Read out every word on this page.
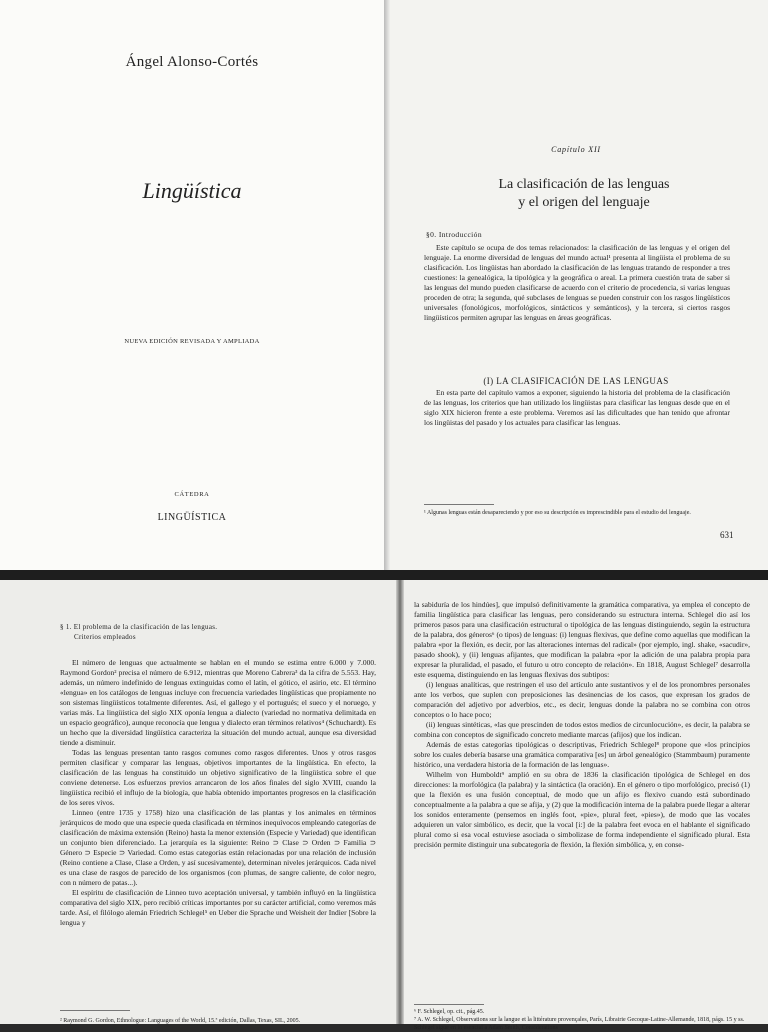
Ángel Alonso-Cortés
Lingüística
NUEVA EDICIÓN REVISADA Y AMPLIADA
CÁTEDRA
LINGÜÍSTICA
Capítulo XII
La clasificación de las lenguas
y el origen del lenguaje
§0. Introducción

Este capítulo se ocupa de dos temas relacionados: la clasificación de las lenguas y el origen del lenguaje. La enorme diversidad de lenguas del mundo actual¹ presenta al lingüista el problema de su clasificación. Los lingüistas han abordado la clasificación de las lenguas tratando de responder a tres cuestiones: la genealógica, la tipológica y la geográfica o areal. La primera cuestión trata de saber si las lenguas del mundo pueden clasificarse de acuerdo con el criterio de procedencia, si varias lenguas proceden de otra; la segunda, qué subclases de lenguas se pueden construir con los rasgos lingüísticos universales (fonológicos, morfológicos, sintácticos y semánticos), y la tercera, si ciertos rasgos lingüísticos permiten agrupar las lenguas en áreas geográficas.

(I) LA CLASIFICACIÓN DE LAS LENGUAS

En esta parte del capítulo vamos a exponer, siguiendo la historia del problema de la clasificación de las lenguas, los criterios que han utilizado los lingüistas para clasificar las lenguas desde que en el siglo XIX hicieron frente a este problema. Veremos así las dificultades que han tenido que afrontar los lingüistas del pasado y los actuales para clasificar las lenguas.

¹ Algunas lenguas están desapareciendo y por eso su descripción es imprescindible para el estudio del lenguaje.

631
§ 1. El problema de la clasificación de las lenguas.
Criterios empleados

El número de lenguas que actualmente se hablan en el mundo se estima entre 6.000 y 7.000. Raymond Gordon² precisa el número de 6.912, mientras que Moreno Cabrera³ da la cifra de 5.553. Hay, además, un número indefinido de lenguas extinguidas como el latín, el gótico, el asirio, etc. El término «lengua» en los catálogos de lenguas incluye con frecuencia variedades lingüísticas que propiamente no son sistemas lingüísticos totalmente diferentes. Así, el gallego y el portugués; el sueco y el noruego, y varias más. La lingüística del siglo XIX oponía lengua a dialecto (variedad no normativa delimitada en un espacio geográfico), aunque reconocía que lengua y dialecto eran términos relativos⁴ (Schuchardt). Es un hecho que la diversidad lingüística caracteriza la situación del mundo actual, aunque esa diversidad tiende a disminuir.

Todas las lenguas presentan tanto rasgos comunes como rasgos diferentes. Unos y otros rasgos permiten clasificar y comparar las lenguas, objetivos importantes de la lingüística. En efecto, la clasificación de las lenguas ha constituido un objetivo significativo de la lingüística sobre el que conviene detenerse. Los esfuerzos previos arrancaron de los años finales del siglo XVIII, cuando la lingüística recibió el influjo de la biología, que había obtenido importantes progresos en la clasificación de los seres vivos.

Linneo (entre 1735 y 1758) hizo una clasificación de las plantas y los animales en términos jerárquicos de modo que una especie queda clasificada en términos inequívocos empleando categorías de clasificación de máxima extensión (Reino) hasta la menor extensión (Especie y Variedad) que identifican un conjunto bien diferenciado. La jerarquía es la siguiente: Reino ⊃ Clase ⊃ Orden ⊃ Familia ⊃ Género ⊃ Especie ⊃ Variedad. Como estas categorías están relacionadas por una relación de inclusión (Reino contiene a Clase, Clase a Orden, y así sucesivamente), determinan niveles jerárquicos. Cada nivel es una clase de rasgos de parecido de los organismos (con plumas, de sangre caliente, de color negro, con n número de patas...).

El espíritu de clasificación de Linneo tuvo aceptación universal, y también influyó en la lingüística comparativa del siglo XIX, pero recibió críticas importantes por su carácter artificial, como veremos más tarde. Así, el filólogo alemán Friedrich Schlegel⁵ en Ueber die Sprache und Weisheit der Indier [Sobre la lengua y

² Raymond G. Gordon, Ethnologue: Languages of the World, 15.ª edición, Dallas, Texas, SIL, 2005.

la sabiduría de los hindúes], que impulsó definitivamente la gramática comparativa, ya emplea el concepto de familia lingüística para clasificar las lenguas, pero considerando su estructura interna. Schlegel dio así los primeros pasos para una clasificación estructural o tipológica de las lenguas distinguiendo, según la estructura de la palabra, dos géneros⁶ (o tipos) de lenguas: (i) lenguas flexivas, que define como aquellas que modifican la palabra «por la flexión, es decir, por las alteraciones internas del radical» (por ejemplo, ingl. shake, «sacudir», pasado shook), y (ii) lenguas afijantes, que modifican la palabra «por la adición de una palabra propia para expresar la pluralidad, el pasado, el futuro u otro concepto de relación». En 1818, August Schlegel⁷ desarrolla este esquema, distinguiendo en las lenguas flexivas dos subtipos:

(i) lenguas analíticas, que restringen el uso del artículo ante sustantivos y el de los pronombres personales ante los verbos, que suplen con preposiciones las desinencias de los casos, que expresan los grados de comparación del adjetivo por adverbios, etc., es decir, lenguas donde la palabra no se combina con otros conceptos o lo hace poco;

(ii) lenguas sintéticas, «las que prescinden de todos estos medios de circunlocución», es decir, la palabra se combina con conceptos de significado concreto mediante marcas (afijos) que los indican.

Además de estas categorías tipológicas o descriptivas, Friedrich Schlegel⁸ propone que «los principios sobre los cuales debería basarse una gramática comparativa [es] un árbol genealógico (Stammbaum) puramente histórico, una verdadera historia de la formación de las lenguas».

Wilhelm von Humboldt⁹ amplió en su obra de 1836 la clasificación tipológica de Schlegel en dos direcciones: la morfológica (la palabra) y la sintáctica (la oración). En el género o tipo morfológico, precisó (1) que la flexión es una fusión conceptual, de modo que un afijo es flexivo cuando está subordinado conceptualmente a la palabra a que se afija, y (2) que la modificación interna de la palabra puede llegar a alterar los sonidos enteramente (pensemos en inglés foot, «pie», plural feet, «pies»), de modo que las vocales adquieren un valor simbólico, es decir, que la vocal [i:] de la palabra feet evoca en el hablante el significado plural como si esa vocal estuviese asociada o simbolizase de forma independiente el significado plural. Esta precisión permite distinguir una subcategoría de flexión, la flexión simbólica, y, en conse-

⁶ F. Schlegel, op. cit., pág.45.

⁷ A. W. Schlegel, Observations sur la langue et la littérature provençales, París, Librairie Gecoque-Latine-Allemande, 1818, págs. 15 y ss. Schlegel sigue en lo esencial a Adam Smith, Considerations
